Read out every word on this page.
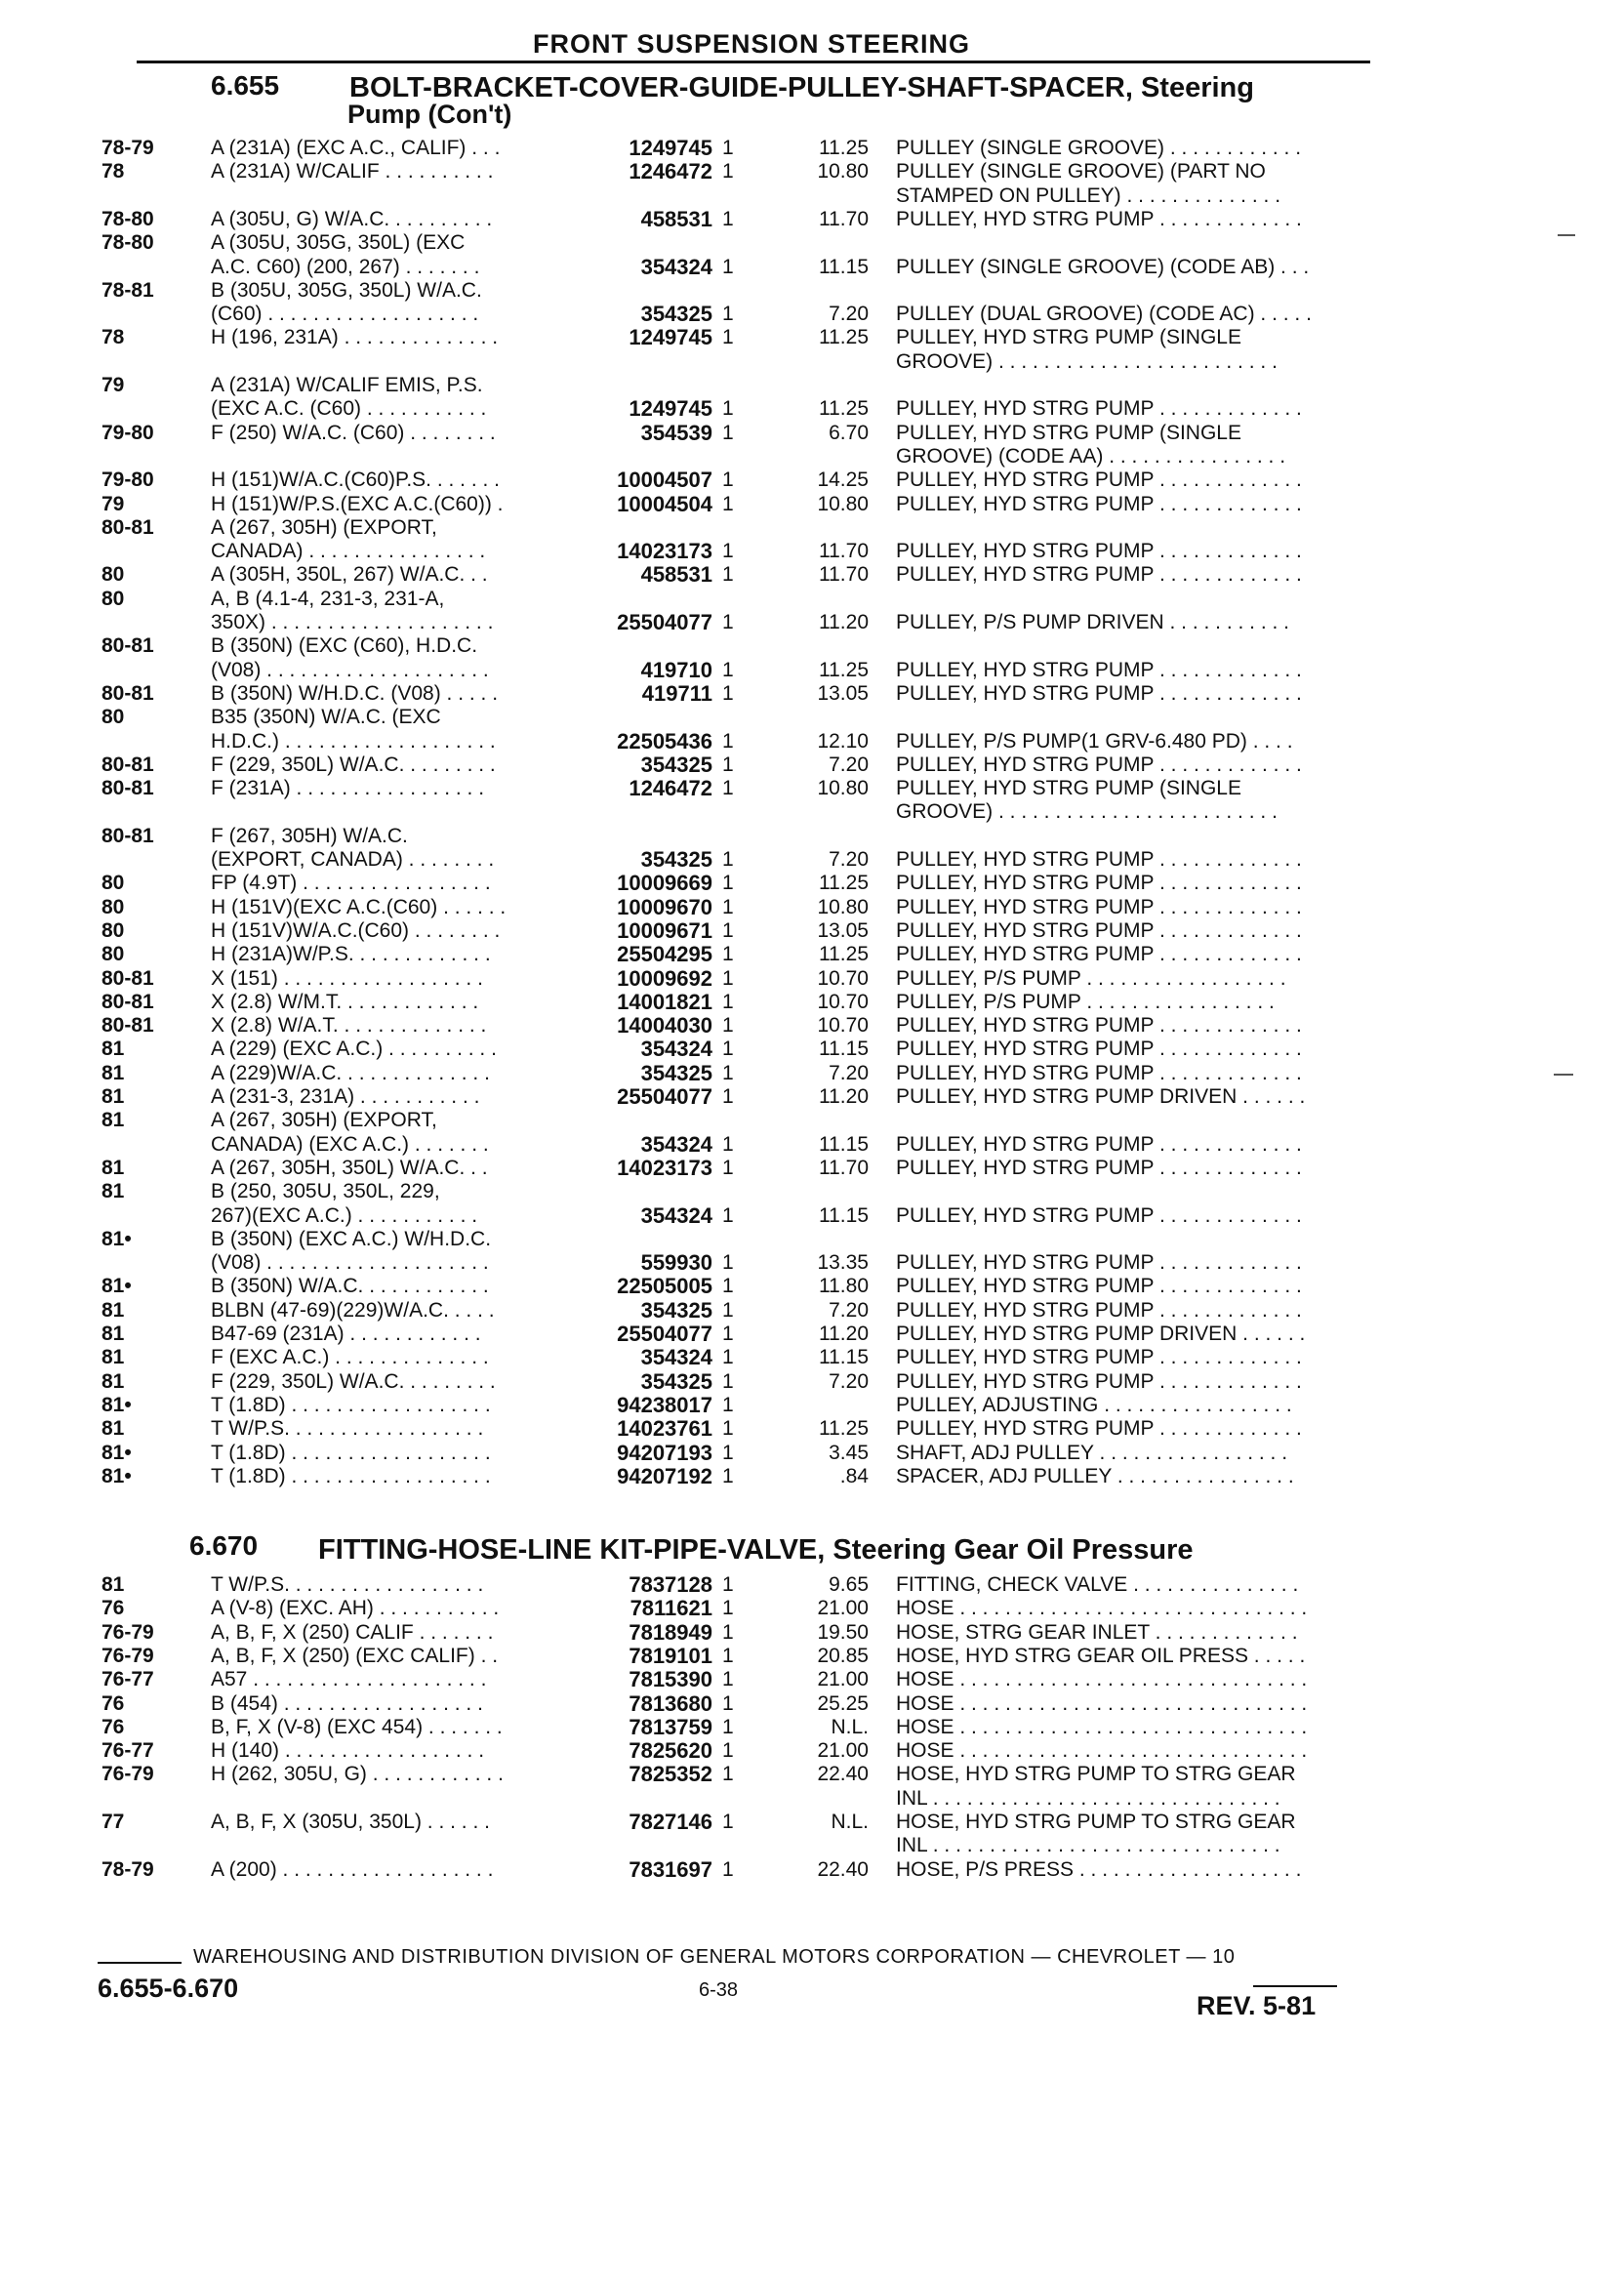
FRONT SUSPENSION STEERING
6.655 BOLT-BRACKET-COVER-GUIDE-PULLEY-SHAFT-SPACER, Steering
Pump (Con't)
78-79	A (231A) (EXC A.C., CALIF) . . .	1249745 1	11.25 PULLEY (SINGLE GROOVE) . . . . . . . . . . . .
78	A (231A) W/CALIF . . . . . . . . . .	1246472 1	10.80 PULLEY (SINGLE GROOVE) (PART NO
STAMPED ON PULLEY) . . . . . . . . . . . . . .
78-80	A (305U, G) W/A.C. . . . . . . . . .	458531 1	11.70 PULLEY, HYD STRG PUMP . . . . . . . . . . . . .
78-80	A (305U, 305G, 350L) (EXC
A.C. C60) (200, 267) . . . . . . .	354324 1	11.15 PULLEY (SINGLE GROOVE) (CODE AB) . . .
78-81	B (305U, 305G, 350L) W/A.C.
(C60) . . . . . . . . . . . . . . . . . . .	354325 1	7.20 PULLEY (DUAL GROOVE) (CODE AC) . . . . .
78	H (196, 231A) . . . . . . . . . . . . . .	1249745 1	11.25 PULLEY, HYD STRG PUMP (SINGLE
GROOVE) . . . . . . . . . . . . . . . . . . . . . . . . .
79	A (231A) W/CALIF EMIS, P.S.
(EXC A.C. (C60) . . . . . . . . . . .	1249745 1	11.25 PULLEY, HYD STRG PUMP . . . . . . . . . . . . .
79-80	F (250) W/A.C. (C60) . . . . . . . .	354539 1	6.70 PULLEY, HYD STRG PUMP (SINGLE
GROOVE) (CODE AA) . . . . . . . . . . . . . . . .
79-80	H (151)W/A.C.(C60)P.S. . . . . . .	10004507 1	14.25 PULLEY, HYD STRG PUMP . . . . . . . . . . . . .
79	H (151)W/P.S.(EXC A.C.(C60)) .	10004504 1	10.80 PULLEY, HYD STRG PUMP . . . . . . . . . . . . .
80-81	A (267, 305H) (EXPORT,
CANADA) . . . . . . . . . . . . . . . .	14023173 1	11.70 PULLEY, HYD STRG PUMP . . . . . . . . . . . . .
80	A (305H, 350L, 267) W/A.C. . .	458531 1	11.70 PULLEY, HYD STRG PUMP . . . . . . . . . . . . .
80	A, B (4.1-4, 231-3, 231-A,
350X) . . . . . . . . . . . . . . . . . . . .	25504077 1	11.20 PULLEY, P/S PUMP DRIVEN . . . . . . . . . . .
80-81	B (350N) (EXC (C60), H.D.C.
(V08) . . . . . . . . . . . . . . . . . . . .	419710 1	11.25 PULLEY, HYD STRG PUMP . . . . . . . . . . . . .
80-81	B (350N) W/H.D.C. (V08) . . . . .	419711 1	13.05 PULLEY, HYD STRG PUMP . . . . . . . . . . . . .
80	B35 (350N) W/A.C. (EXC
H.D.C.) . . . . . . . . . . . . . . . . . . .	22505436 1	12.10 PULLEY, P/S PUMP(1 GRV-6.480 PD) . . . .
80-81	F (229, 350L) W/A.C. . . . . . . . .	354325 1	7.20 PULLEY, HYD STRG PUMP . . . . . . . . . . . . .
80-81	F (231A) . . . . . . . . . . . . . . . . .	1246472 1	10.80 PULLEY, HYD STRG PUMP (SINGLE
GROOVE) . . . . . . . . . . . . . . . . . . . . . . . . .
80-81	F (267, 305H) W/A.C.
(EXPORT, CANADA) . . . . . . . .	354325 1	7.20 PULLEY, HYD STRG PUMP . . . . . . . . . . . . .
80	FP (4.9T) . . . . . . . . . . . . . . . . .	10009669 1	11.25 PULLEY, HYD STRG PUMP . . . . . . . . . . . . .
80	H (151V)(EXC A.C.(C60) . . . . . .	10009670 1	10.80 PULLEY, HYD STRG PUMP . . . . . . . . . . . . .
80	H (151V)W/A.C.(C60) . . . . . . . .	10009671 1	13.05 PULLEY, HYD STRG PUMP . . . . . . . . . . . . .
80	H (231A)W/P.S. . . . . . . . . . . . .	25504295 1	11.25 PULLEY, HYD STRG PUMP . . . . . . . . . . . . .
80-81	X (151) . . . . . . . . . . . . . . . . . .	10009692 1	10.70 PULLEY, P/S PUMP . . . . . . . . . . . . . . . . . .
80-81	X (2.8) W/M.T. . . . . . . . . . . . .	14001821 1	10.70 PULLEY, P/S PUMP . . . . . . . . . . . . . . . . .
80-81	X (2.8) W/A.T. . . . . . . . . . . . . .	14004030 1	10.70 PULLEY, HYD STRG PUMP . . . . . . . . . . . . .
81	A (229) (EXC A.C.) . . . . . . . . . .	354324 1	11.15 PULLEY, HYD STRG PUMP . . . . . . . . . . . . .
81	A (229)W/A.C. . . . . . . . . . . . . .	354325 1	7.20 PULLEY, HYD STRG PUMP . . . . . . . . . . . . .
81	A (231-3, 231A) . . . . . . . . . . .	25504077 1	11.20 PULLEY, HYD STRG PUMP DRIVEN . . . . . .
81	A (267, 305H) (EXPORT,
CANADA) (EXC A.C.) . . . . . . .	354324 1	11.15 PULLEY, HYD STRG PUMP . . . . . . . . . . . . .
81	A (267, 305H, 350L) W/A.C. . .	14023173 1	11.70 PULLEY, HYD STRG PUMP . . . . . . . . . . . . .
81	B (250, 305U, 350L, 229,
267)(EXC A.C.) . . . . . . . . . . .	354324 1	11.15 PULLEY, HYD STRG PUMP . . . . . . . . . . . . .
81•	B (350N) (EXC A.C.) W/H.D.C.
(V08) . . . . . . . . . . . . . . . . . . . .	559930 1	13.35 PULLEY, HYD STRG PUMP . . . . . . . . . . . . .
81•	B (350N) W/A.C. . . . . . . . . . . .	22505005 1	11.80 PULLEY, HYD STRG PUMP . . . . . . . . . . . . .
81	BLBN (47-69)(229)W/A.C. . . . .	354325 1	7.20 PULLEY, HYD STRG PUMP . . . . . . . . . . . . .
81	B47-69 (231A) . . . . . . . . . . . .	25504077 1	11.20 PULLEY, HYD STRG PUMP DRIVEN . . . . . .
81	F (EXC A.C.) . . . . . . . . . . . . . .	354324 1	11.15 PULLEY, HYD STRG PUMP . . . . . . . . . . . . .
81	F (229, 350L) W/A.C. . . . . . . . .	354325 1	7.20 PULLEY, HYD STRG PUMP . . . . . . . . . . . . .
81•	T (1.8D) . . . . . . . . . . . . . . . . . .	94238017 1	PULLEY, ADJUSTING . . . . . . . . . . . . . . . . .
81	T W/P.S. . . . . . . . . . . . . . . . . .	14023761 1	11.25 PULLEY, HYD STRG PUMP . . . . . . . . . . . . .
81•	T (1.8D) . . . . . . . . . . . . . . . . . .	94207193 1	3.45 SHAFT, ADJ PULLEY . . . . . . . . . . . . . . . . .
81•	T (1.8D) . . . . . . . . . . . . . . . . . .	94207192 1	.84 SPACER, ADJ PULLEY . . . . . . . . . . . . . . . .
6.670 FITTING-HOSE-LINE KIT-PIPE-VALVE, Steering Gear Oil Pressure
81	T W/P.S. . . . . . . . . . . . . . . . . .	7837128 1	9.65 FITTING, CHECK VALVE . . . . . . . . . . . . . . .
76	A (V-8) (EXC. AH) . . . . . . . . . . .	7811621 1	21.00 HOSE . . . . . . . . . . . . . . . . . . . . . . . . . . . . . . .
76-79	A, B, F, X (250) CALIF . . . . . . .	7818949 1	19.50 HOSE, STRG GEAR INLET . . . . . . . . . . . . .
76-79	A, B, F, X (250) (EXC CALIF) . .	7819101 1	20.85 HOSE, HYD STRG GEAR OIL PRESS . . . . .
76-77	A57 . . . . . . . . . . . . . . . . . . . . .	7815390 1	21.00 HOSE . . . . . . . . . . . . . . . . . . . . . . . . . . . . . . .
76	B (454) . . . . . . . . . . . . . . . . . .	7813680 1	25.25 HOSE . . . . . . . . . . . . . . . . . . . . . . . . . . . . . . .
76	B, F, X (V-8) (EXC 454) . . . . . . .	7813759 1	N.L. HOSE . . . . . . . . . . . . . . . . . . . . . . . . . . . . . . .
76-77	H (140) . . . . . . . . . . . . . . . . . .	7825620 1	21.00 HOSE . . . . . . . . . . . . . . . . . . . . . . . . . . . . . . .
76-79	H (262, 305U, G) . . . . . . . . . . . .	7825352 1	22.40 HOSE, HYD STRG PUMP TO STRG GEAR
INL . . . . . . . . . . . . . . . . . . . . . . . . . . . . . . .
77	A, B, F, X (305U, 350L) . . . . . .	7827146 1	N.L. HOSE, HYD STRG PUMP TO STRG GEAR
INL . . . . . . . . . . . . . . . . . . . . . . . . . . . . . . .
78-79	A (200) . . . . . . . . . . . . . . . . . . .	7831697 1	22.40 HOSE, P/S PRESS . . . . . . . . . . . . . . . . . . . .
WAREHOUSING AND DISTRIBUTION DIVISION OF GENERAL MOTORS CORPORATION — CHEVROLET — 10
6.655-6.670	6-38
REV. 5-81
